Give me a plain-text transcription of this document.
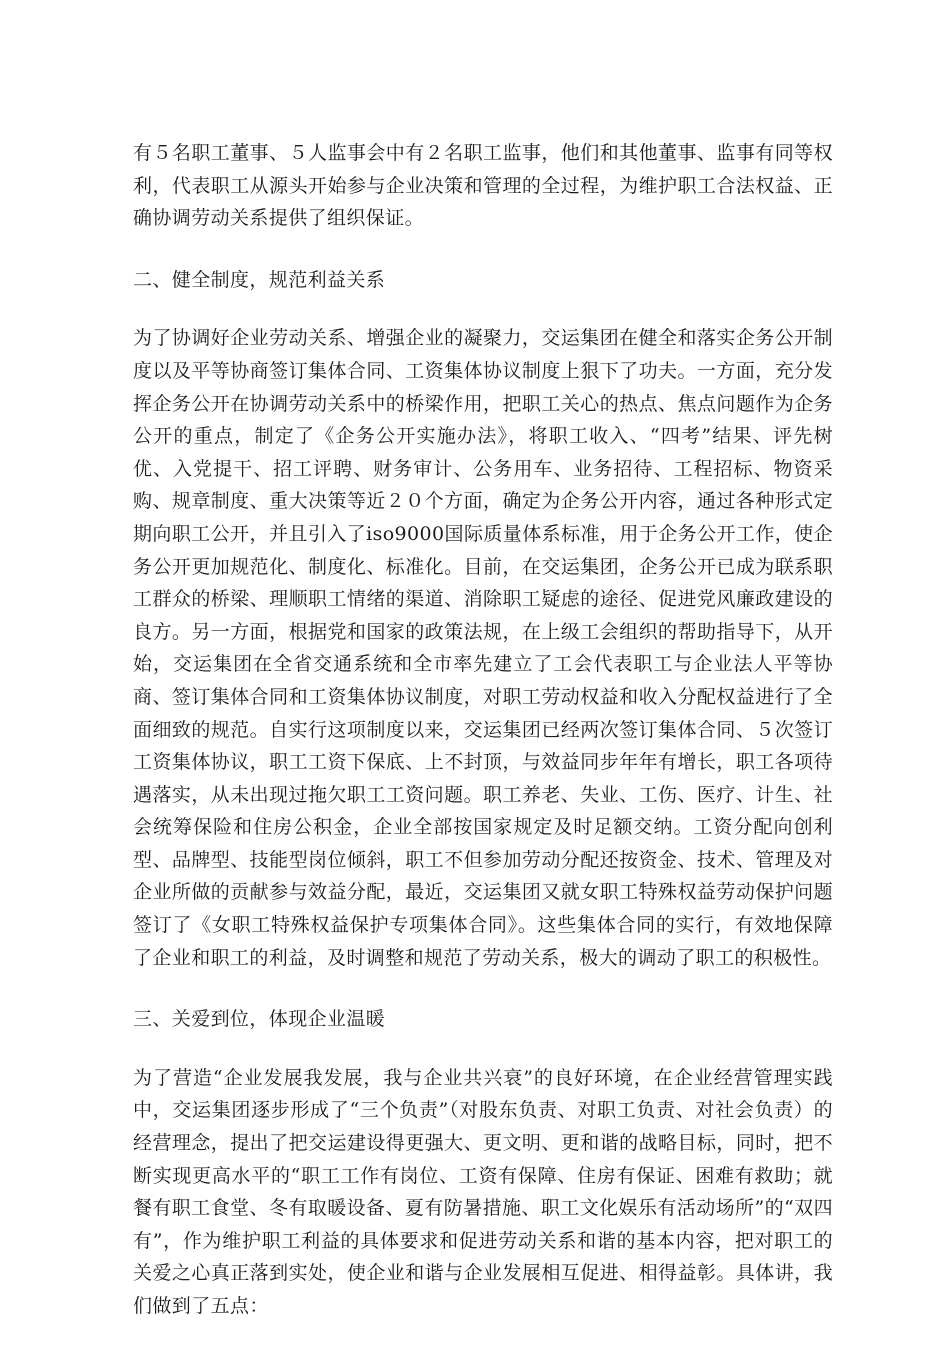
有５名职工董事、５人监事会中有２名职工监事，他们和其他董事、监事有同等权利，代表职工从源头开始参与企业决策和管理的全过程，为维护职工合法权益、正确协调劳动关系提供了组织保证。

二、健全制度，规范利益关系

为了协调好企业劳动关系、增强企业的凝聚力，交运集团在健全和落实企务公开制度以及平等协商签订集体合同、工资集体协议制度上狠下了功夫。一方面，充分发挥企务公开在协调劳动关系中的桥梁作用，把职工关心的热点、焦点问题作为企务公开的重点，制定了《企务公开实施办法》，将职工收入、“四考”结果、评先树优、入党提干、招工评聘、财务审计、公务用车、业务招待、工程招标、物资采购、规章制度、重大决策等近２０个方面，确定为企务公开内容，通过各种形式定期向职工公开，并且引入了iso9000国际质量体系标准，用于企务公开工作，使企务公开更加规范化、制度化、标准化。目前，在交运集团，企务公开已成为联系职工群众的桥梁、理顺职工情绪的渠道、消除职工疑虑的途径、促进党风廉政建设的良方。另一方面，根据党和国家的政策法规，在上级工会组织的帮助指导下，从开始，交运集团在全省交通系统和全市率先建立了工会代表职工与企业法人平等协商、签订集体合同和工资集体协议制度，对职工劳动权益和收入分配权益进行了全面细致的规范。自实行这项制度以来，交运集团已经两次签订集体合同、５次签订工资集体协议，职工工资下保底、上不封顶，与效益同步年年有增长，职工各项待遇落实，从未出现过拖欠职工工资问题。职工养老、失业、工伤、医疗、计生、社会统筹保险和住房公积金，企业全部按国家规定及时足额交纳。工资分配向创利型、品牌型、技能型岗位倾斜，职工不但参加劳动分配还按资金、技术、管理及对企业所做的贡献参与效益分配，最近，交运集团又就女职工特殊权益劳动保护问题签订了《女职工特殊权益保护专项集体合同》。这些集体合同的实行，有效地保障了企业和职工的利益，及时调整和规范了劳动关系，极大的调动了职工的积极性。

三、关爱到位，体现企业温暖

为了营造“企业发展我发展，我与企业共兴衰”的良好环境，在企业经营管理实践中，交运集团逐步形成了“三个负责”（对股东负责、对职工负责、对社会负责）的经营理念，提出了把交运建设得更强大、更文明、更和谐的战略目标，同时，把不断实现更高水平的“职工工作有岗位、工资有保障、住房有保证、困难有救助；就餐有职工食堂、冬有取暖设备、夏有防暑措施、职工文化娱乐有活动场所”的“双四有”，作为维护职工利益的具体要求和促进劳动关系和谐的基本内容，把对职工的关爱之心真正落到实处，使企业和谐与企业发展相互促进、相得益彰。具体讲，我们做到了五点：
